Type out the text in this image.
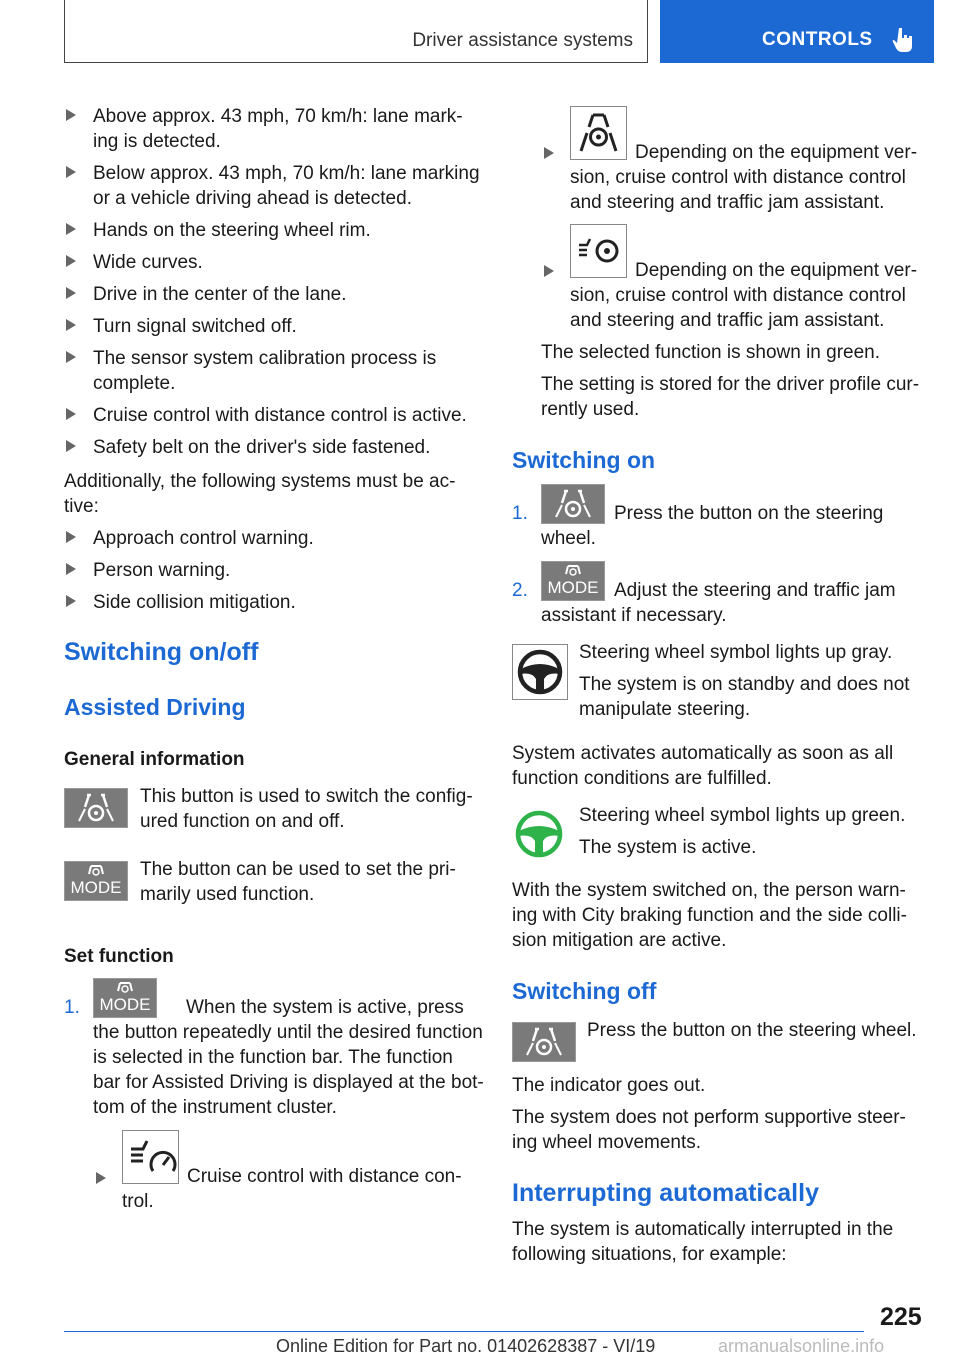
Driver assistance systems	CONTROLS
Above approx. 43 mph, 70 km/h: lane mark-ing is detected.
Below approx. 43 mph, 70 km/h: lane marking or a vehicle driving ahead is detected.
Hands on the steering wheel rim.
Wide curves.
Drive in the center of the lane.
Turn signal switched off.
The sensor system calibration process is complete.
Cruise control with distance control is active.
Safety belt on the driver's side fastened.
Additionally, the following systems must be ac-tive:
Approach control warning.
Person warning.
Side collision mitigation.
Switching on/off
Assisted Driving
General information
This button is used to switch the config-ured function on and off.
MODE
The button can be used to set the pri-marily used function.
Set function
1.	MODE	When the system is active, press the button repeatedly until the desired function is selected in the function bar. The function bar for Assisted Driving is displayed at the bot-tom of the instrument cluster.
Cruise control with distance con-trol.
Depending on the equipment ver-sion, cruise control with distance control and steering and traffic jam assistant.
Depending on the equipment ver-sion, cruise control with distance control and steering and traffic jam assistant.
The selected function is shown in green.
The setting is stored for the driver profile cur-rently used.
Switching on
1.	Press the button on the steering wheel.
2.	MODE Adjust the steering and traffic jam assistant if necessary.
Steering wheel symbol lights up gray.
The system is on standby and does not manipulate steering.
System activates automatically as soon as all function conditions are fulfilled.
Steering wheel symbol lights up green.
The system is active.
With the system switched on, the person warn-ing with City braking function and the side colli-sion mitigation are active.
Switching off
Press the button on the steering wheel.
The indicator goes out.
The system does not perform supportive steer-ing wheel movements.
Interrupting automatically
The system is automatically interrupted in the following situations, for example:
225
Online Edition for Part no. 01402628387 - VI/19	armanualsonline.info
